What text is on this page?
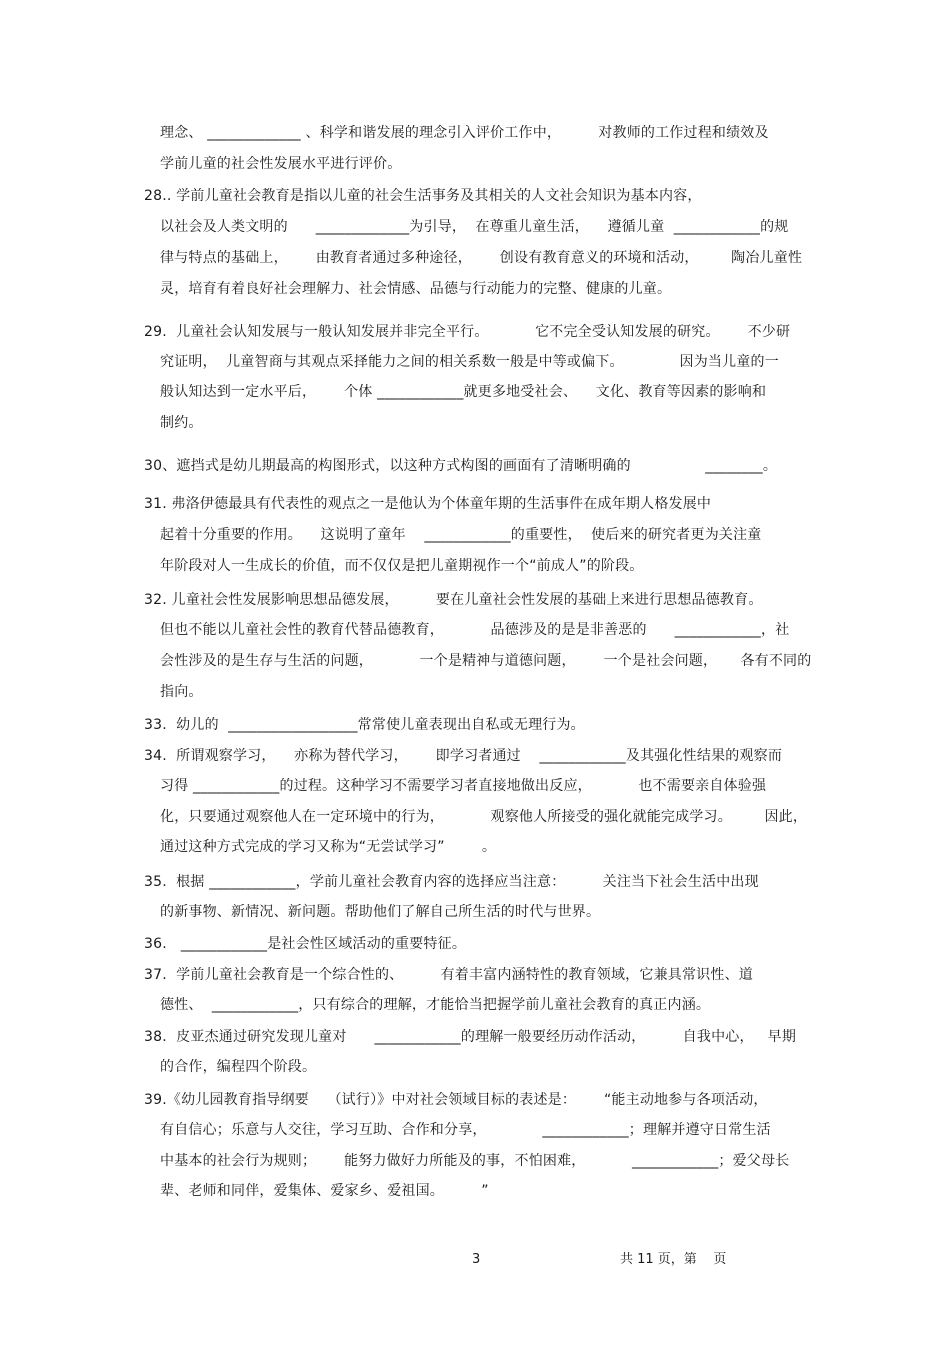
理念、 _____________ 、科学和谐发展的理念引入评价工作中，        对教师的工作过程和绩效及
学前儿童的社会性发展水平进行评价。
28.. 学前儿童社会教育是指以儿童的社会生活事务及其相关的人文社会知识为基本内容，
以社会及人类文明的      _____________为引导，  在尊重儿童生活，    遵循儿童  ____________的规
律与特点的基础上，      由教育者通过多种途径，      创设有教育意义的环境和活动，       陶冶儿童性
灵，培育有着良好社会理解力、社会情感、品德与行动能力的完整、健康的儿童。
29.  儿童社会认知发展与一般认知发展并非完全平行。          它不完全受认知发展的研究。      不少研
究证明，  儿童智商与其观点采择能力之间的相关系数一般是中等或偏下。            因为当儿童的一
般认知达到一定水平后，      个体 ____________就更多地受社会、    文化、教育等因素的影响和
制约。
30、遮挡式是幼儿期最高的构图形式，以这种方式构图的画面有了清晰明确的                ________。
31. 弗洛伊德最具有代表性的观点之一是他认为个体童年期的生活事件在成年期人格发展中
起着十分重要的作用。    这说明了童年    ____________的重要性，  使后来的研究者更为关注童
年阶段对人一生成长的价值，而不仅仅是把儿童期视作一个“前成人”的阶段。
32. 儿童社会性发展影响思想品德发展，        要在儿童社会性发展的基础上来进行思想品德教育。
但也不能以儿童社会性的教育代替品德教育，          品德涉及的是是非善恶的      ____________，社
会性涉及的是生存与生活的问题，          一个是精神与道德问题，      一个是社会问题，     各有不同的
指向。
33.  幼儿的  __________________常常使儿童表现出自私或无理行为。
34.  所谓观察学习，    亦称为替代学习，      即学习者通过    ____________及其强化性结果的观察而
习得 ____________的过程。这种学习不需要学习者直接地做出反应，          也不需要亲自体验强
化，只要通过观察他人在一定环境中的行为，          观察他人所接受的强化就能完成学习。       因此，
通过这种方式完成的学习又称为“无尝试学习”        。
35.  根据 ____________，学前儿童社会教育内容的选择应当注意：        关注当下社会生活中出现
的新事物、新情况、新问题。帮助他们了解自己所生活的时代与世界。
36.   ____________是社会性区域活动的重要特征。
37.  学前儿童社会教育是一个综合性的、        有着丰富内涵特性的教育领域，它兼具常识性、道
德性、  ____________，只有综合的理解，才能恰当把握学前儿童社会教育的真正内涵。
38.  皮亚杰通过研究发现儿童对      ____________的理解一般要经历动作活动，        自我中心，   早期
的合作，编程四个阶段。
39.《幼儿园教育指导纲要    （试行）》中对社会领域目标的表述是：      “能主动地参与各项活动，
有自信心；乐意与人交往，学习互助、合作和分享，            ____________；理解并遵守日常生活
中基本的社会行为规则；      能努力做好力所能及的事，不怕困难，          ____________；爱父母长
辈、老师和同伴，爱集体、爱家乡、爱祖国。        ”
3	共 11 页，第    页
